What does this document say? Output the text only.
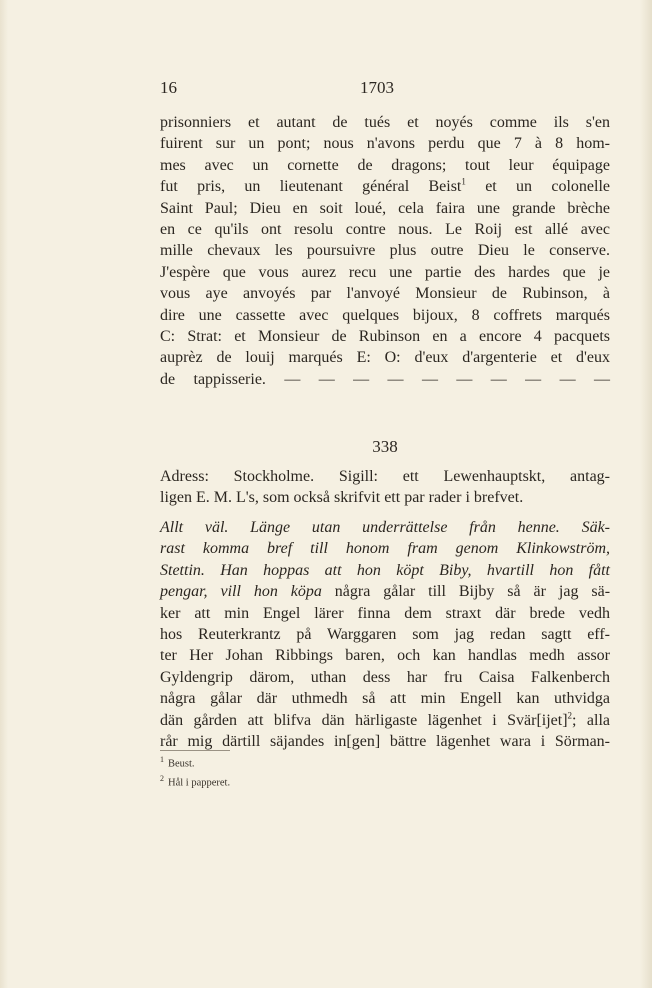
16	1703
prisonniers et autant de tués et noyés comme ils s'en
fuirent sur un pont; nous n'avons perdu que 7 à 8 hom-
mes avec un cornette de dragons; tout leur équipage
fut pris, un lieutenant général Beist$^1$ et un colonelle
Saint Paul; Dieu en soit loué, cela faira une grande brèche
en ce qu'ils ont resolu contre nous. Le Roij est allé avec
mille chevaux les poursuivre plus outre Dieu le conserve.
J'espère que vous aurez recu une partie des hardes que je
vous aye anvoyés par l'anvoyé Monsieur de Rubinson, à
dire une cassette avec quelques bijoux, 8 coffrets marqués
C: Strat: et Monsieur de Rubinson en a encore 4 pacquets
auprèz de louij marqués E: O: d'eux d'argenterie et d'eux
de tappisserie. — — — — — — — — — —
338
Adress: Stockholme. Sigill: ett Lewenhauptskt, antag-
ligen E. M. L's, som också skrifvit ett par rader i brefvet.
Allt väl. Länge utan underrättelse från henne. Säk-
rast komma bref till honom fram genom Klinkowström,
Stettin. Han hoppas att hon köpt Biby, hvartill hon fått
pengar, vill hon köpa några gålar till Bijby så är jag sä-
ker att min Engel lärer finna dem straxt där brede vedh
hos Reuterkrantz på Warggaren som jag redan sagtt eff-
ter Her Johan Ribbings baren, och kan handlas medh assor
Gyldengrip därom, uthan dess har fru Caisa Falkenberch
några gålar där uthmedh så att min Engell kan uthvidga
dän gården att blifva dän härligaste lägenhet i Svär[ijet]$^2$; alla
rår mig därtill säjandes in[gen] bättre lägenhet wara i Sörman-
$^1$ Beust.
$^2$ Hål i papperet.
